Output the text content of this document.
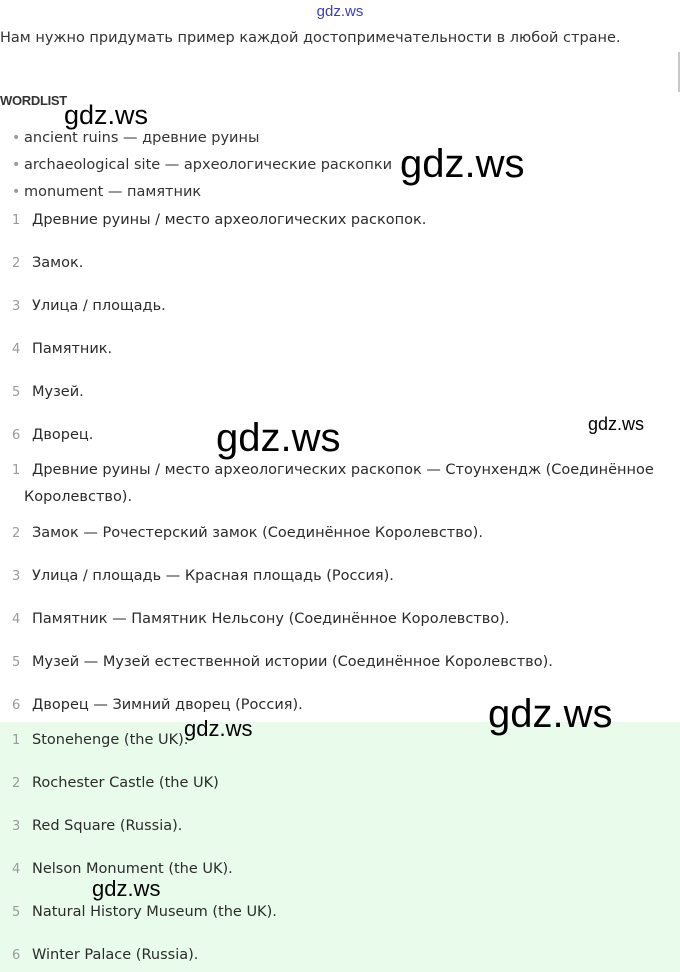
gdz.ws
Нам нужно придумать пример каждой достопримечательности в любой стране.
WORDLIST
• ancient ruins — древние руины
• archaeological site — археологические раскопки
• monument — памятник
1 Древние руины / место археологических раскопок.
2 Замок.
3 Улица / площадь.
4 Памятник.
5 Музей.
6 Дворец.
1 Древние руины / место археологических раскопок — Стоунхендж (Соединённое Королевство).
2 Замок — Рочестерский замок (Соединённое Королевство).
3 Улица / площадь — Красная площадь (Россия).
4 Памятник — Памятник Нельсону (Соединённое Королевство).
5 Музей — Музей естественной истории (Соединённое Королевство).
6 Дворец — Зимний дворец (Россия).
1 Stonehenge (the UK).
2 Rochester Castle (the UK)
3 Red Square (Russia).
4 Nelson Monument (the UK).
5 Natural History Museum (the UK).
6 Winter Palace (Russia).
gdz.ws
gdz.ws
gdz.ws	gdz.ws
gdz.ws
gdz.ws
gdz.ws
